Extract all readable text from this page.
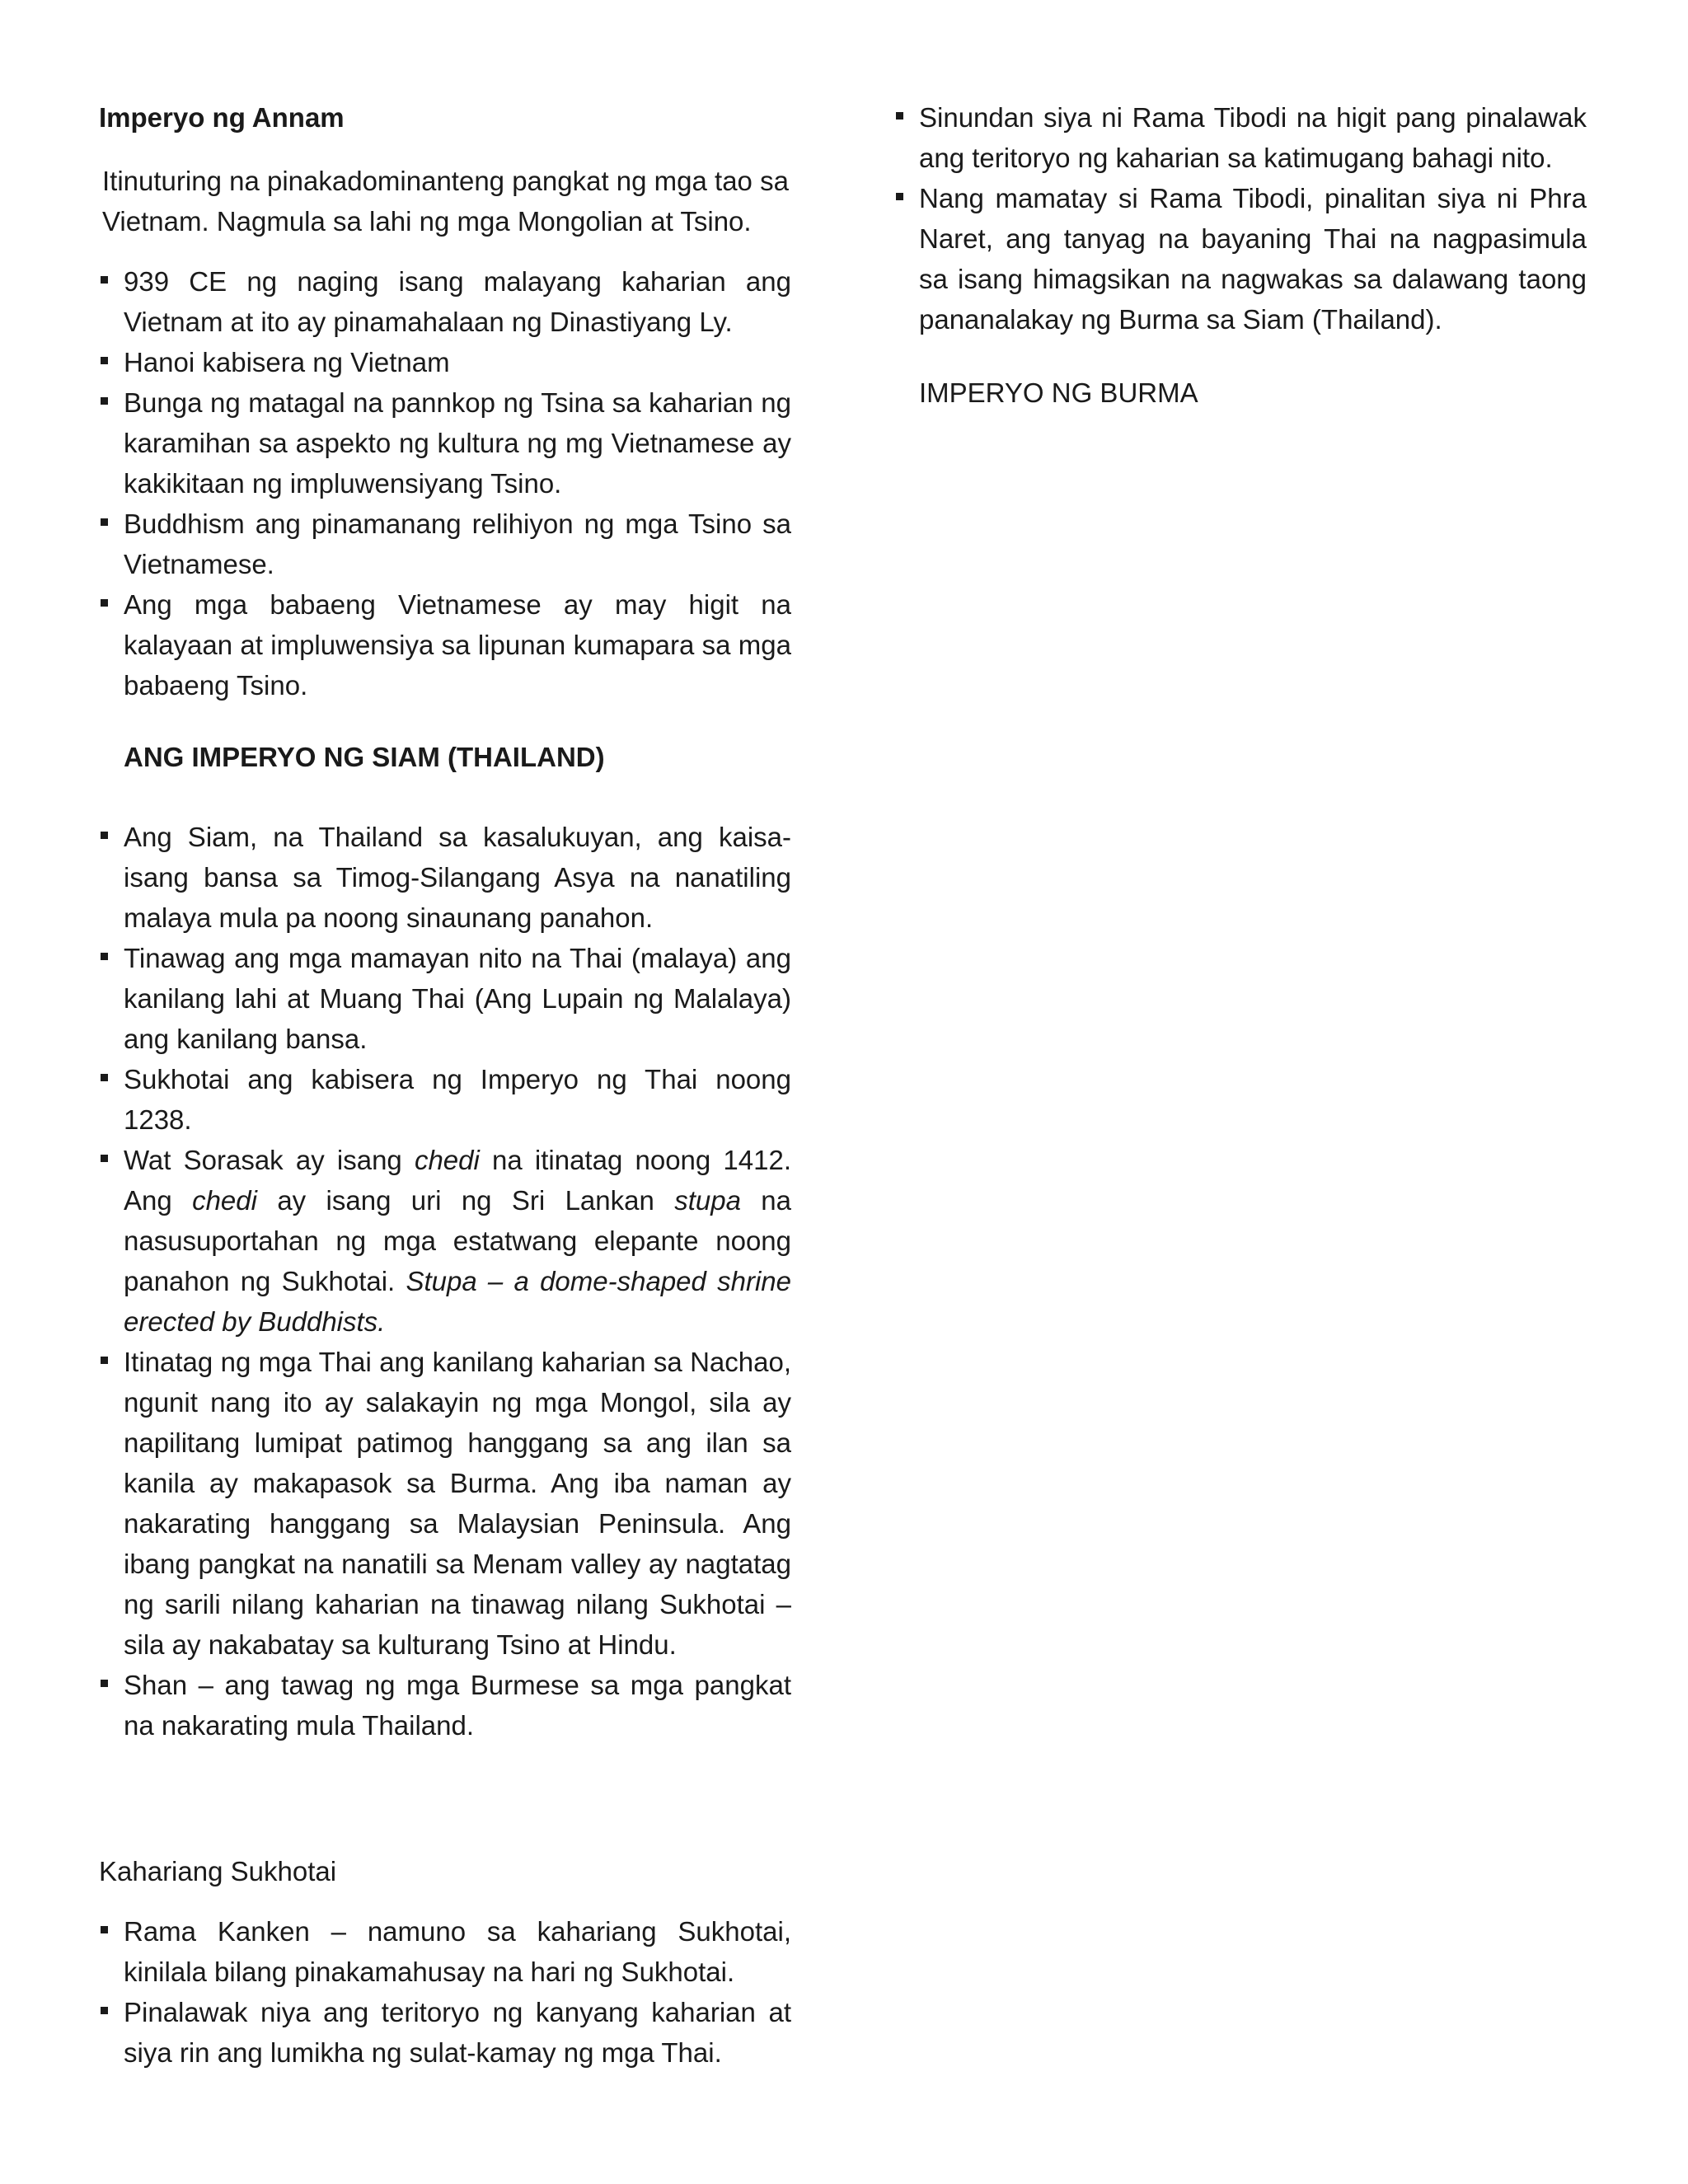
Imperyo ng Annam
Itinuturing na pinakadominanteng pangkat ng mga tao sa Vietnam. Nagmula sa lahi ng mga Mongolian at Tsino.
939 CE ng naging isang malayang kaharian ang Vietnam at ito ay pinamahalaan ng Dinastiyang Ly.
Hanoi kabisera ng Vietnam
Bunga ng matagal na pannkop ng Tsina sa kaharian ng karamihan sa aspekto ng kultura ng mg Vietnamese ay kakikitaan ng impluwensiyang Tsino.
Buddhism ang pinamanang relihiyon ng mga Tsino sa Vietnamese.
Ang mga babaeng Vietnamese ay may higit na kalayaan at impluwensiya sa lipunan kumapara sa mga babaeng Tsino.
ANG IMPERYO NG SIAM (THAILAND)
Ang Siam, na Thailand sa kasalukuyan, ang kaisa-isang bansa sa Timog-Silangang Asya na nanatiling malaya mula pa noong sinaunang panahon.
Tinawag ang mga mamayan nito na Thai (malaya) ang kanilang lahi at Muang Thai (Ang Lupain ng Malalaya) ang kanilang bansa.
Sukhotai ang kabisera ng Imperyo ng Thai noong 1238.
Wat Sorasak ay isang chedi na itinatag noong 1412. Ang chedi ay isang uri ng Sri Lankan stupa na nasusuportahan ng mga estatwang elepante noong panahon ng Sukhotai. Stupa – a dome-shaped shrine erected by Buddhists.
Itinatag ng mga Thai ang kanilang kaharian sa Nachao, ngunit nang ito ay salakayin ng mga Mongol, sila ay napilitang lumipat patimog hanggang sa ang ilan sa kanila ay makapasok sa Burma. Ang iba naman ay nakarating hanggang sa Malaysian Peninsula. Ang ibang pangkat na nanatili sa Menam valley ay nagtatag ng sarili nilang kaharian na tinawag nilang Sukhotai – sila ay nakabatay sa kulturang Tsino at Hindu.
Shan – ang tawag ng mga Burmese sa mga pangkat na nakarating mula Thailand.
Kahariang Sukhotai
Rama Kanken – namuno sa kahariang Sukhotai, kinilala bilang pinakamahusay na hari ng Sukhotai.
Pinalawak niya ang teritoryo ng kanyang kaharian at siya rin ang lumikha ng sulat-kamay ng mga Thai.
Sinundan siya ni Rama Tibodi na higit pang pinalawak ang teritoryo ng kaharian sa katimugang bahagi nito.
Nang mamatay si Rama Tibodi, pinalitan siya ni Phra Naret, ang tanyag na bayaning Thai na nagpasimula sa isang himagsikan na nagwakas sa dalawang taong pananalakay ng Burma sa Siam (Thailand).
IMPERYO NG BURMA
